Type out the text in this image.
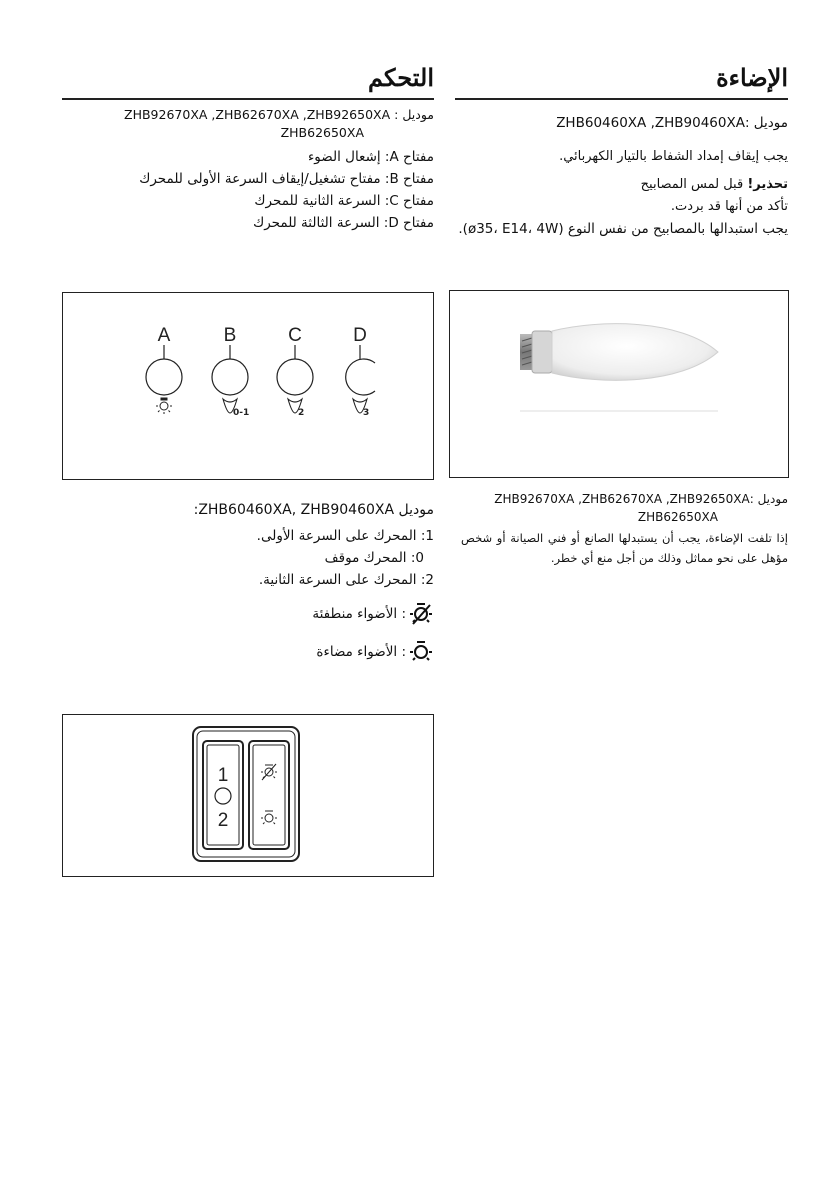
التحكم

موديل : ZHB92670XA ,ZHB62670XA ,ZHB92650XA

ZHB62650XA

مفتاح A: إشعال الضوء

مفتاح B: مفتاح تشغيل/إيقاف السرعة الأولى للمحرك

مفتاح C: السرعة الثانية للمحرك

مفتاح D: السرعة الثالثة للمحرك

A	B	C	D
0-1	2	3

موديل ZHB60460XA, ZHB90460XA:

1: المحرك على السرعة الأولى.

0: المحرك موقف

2: المحرك على السرعة الثانية.

: الأضواء منطفئة
: الأضواء مضاءة
1
2
الإضاءة

موديل :ZHB60460XA ,ZHB90460XA

يجب إيقاف إمداد الشفاط بالتيار الكهربائي.

تحذير! قبل لمس المصابيح

تأكد من أنها قد بردت.

يجب استبدالها بالمصابيح من نفس النوع (ø35، E14، 4W).

موديل :ZHB92670XA ,ZHB62670XA ,ZHB92650XA

ZHB62650XA

إذا تلفت الإضاءة، يجب أن يستبدلها الصانع أو فني الصيانة أو شخص مؤهل على نحو مماثل وذلك من أجل منع أي خطر.
